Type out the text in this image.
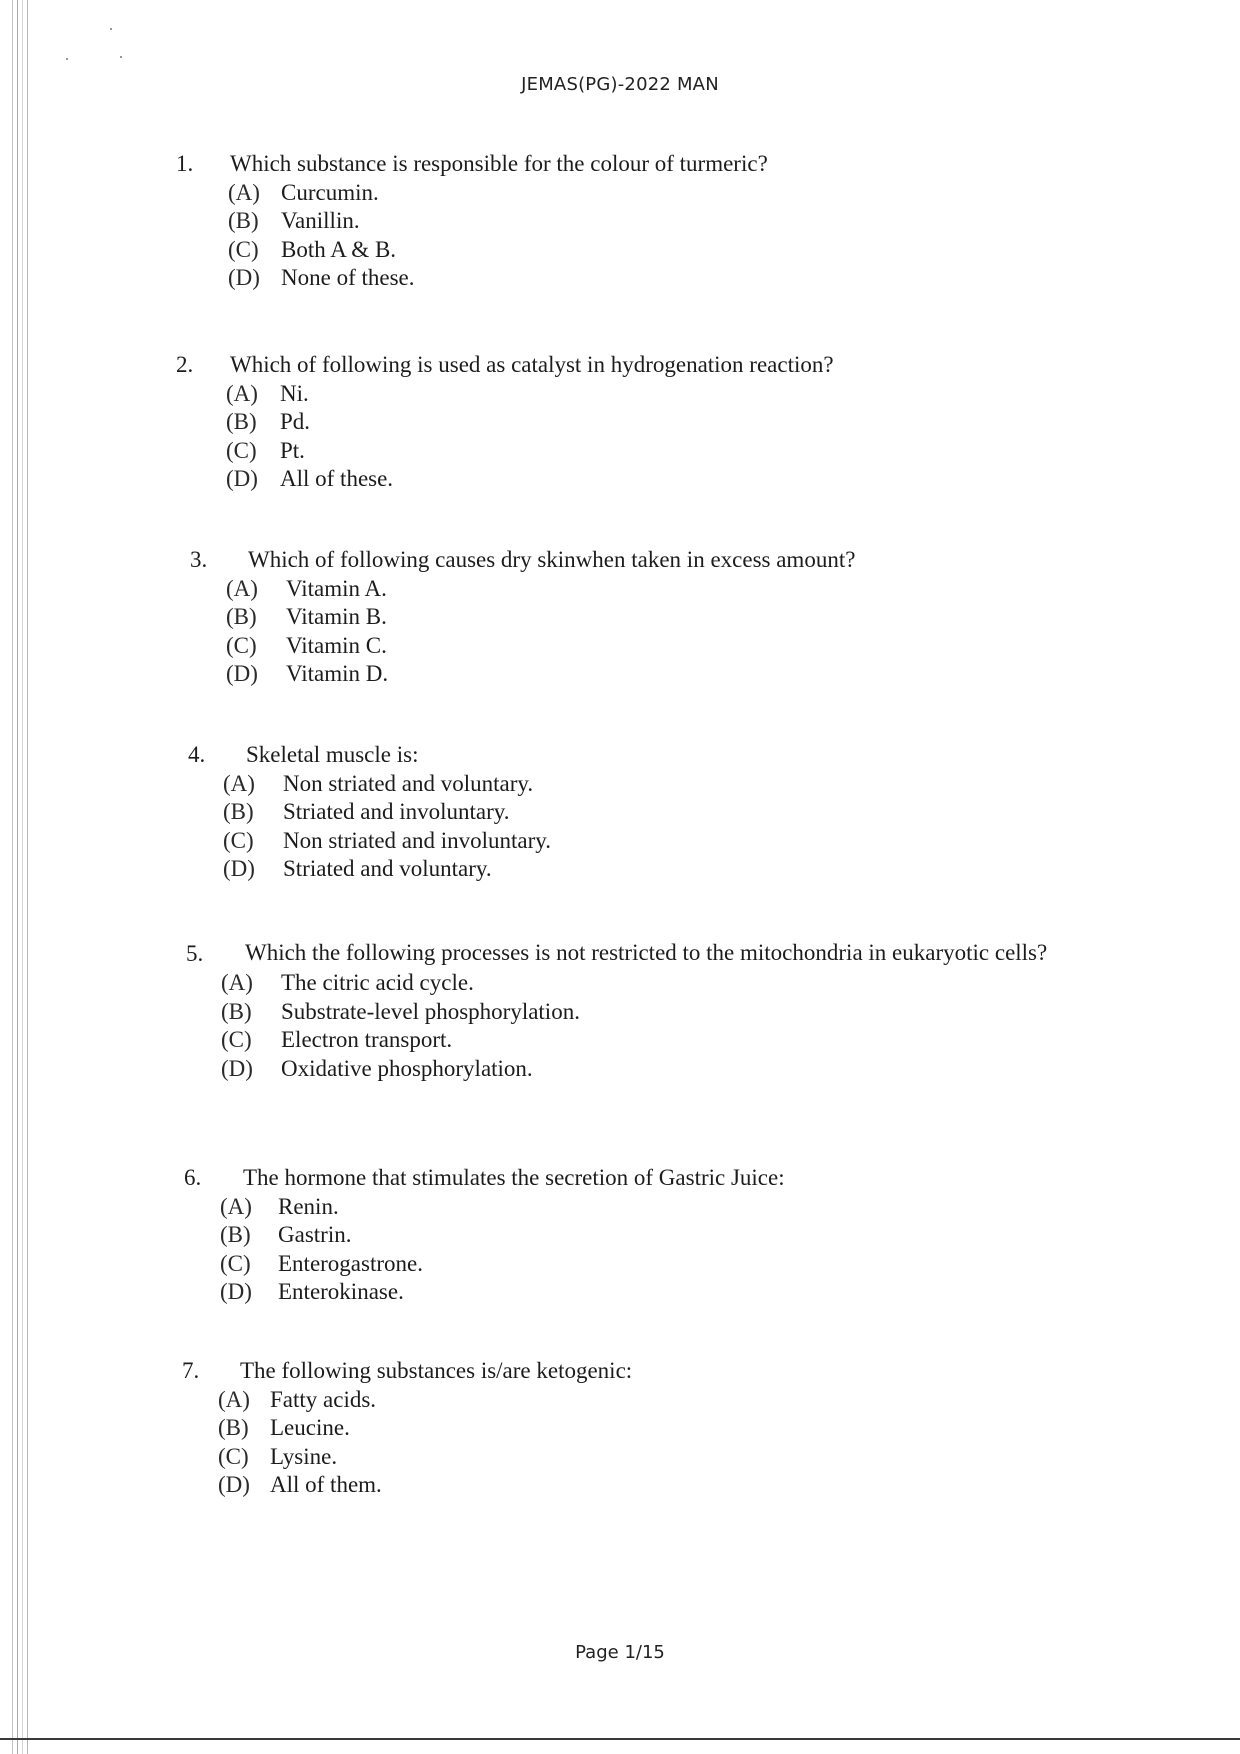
JEMAS(PG)-2022 MAN
1.	Which substance is responsible for the colour of turmeric?
(A) Curcumin.
(B) Vanillin.
(C) Both A & B.
(D) None of these.
2.	Which of following is used as catalyst in hydrogenation reaction?
(A) Ni.
(B) Pd.
(C) Pt.
(D) All of these.
3.	Which of following causes dry skinwhen taken in excess amount?
(A) Vitamin A.
(B) Vitamin B.
(C) Vitamin C.
(D) Vitamin D.
4.	Skeletal muscle is:
(A) Non striated and voluntary.
(B) Striated and involuntary.
(C) Non striated and involuntary.
(D) Striated and voluntary.
5.	Which the following processes is not restricted to the mitochondria in eukaryotic cells?
(A) The citric acid cycle.
(B) Substrate-level phosphorylation.
(C) Electron transport.
(D) Oxidative phosphorylation.
6.	The hormone that stimulates the secretion of Gastric Juice:
(A) Renin.
(B) Gastrin.
(C) Enterogastrone.
(D) Enterokinase.
7.	The following substances is/are ketogenic:
(A) Fatty acids.
(B) Leucine.
(C) Lysine.
(D) All of them.
Page 1/15
